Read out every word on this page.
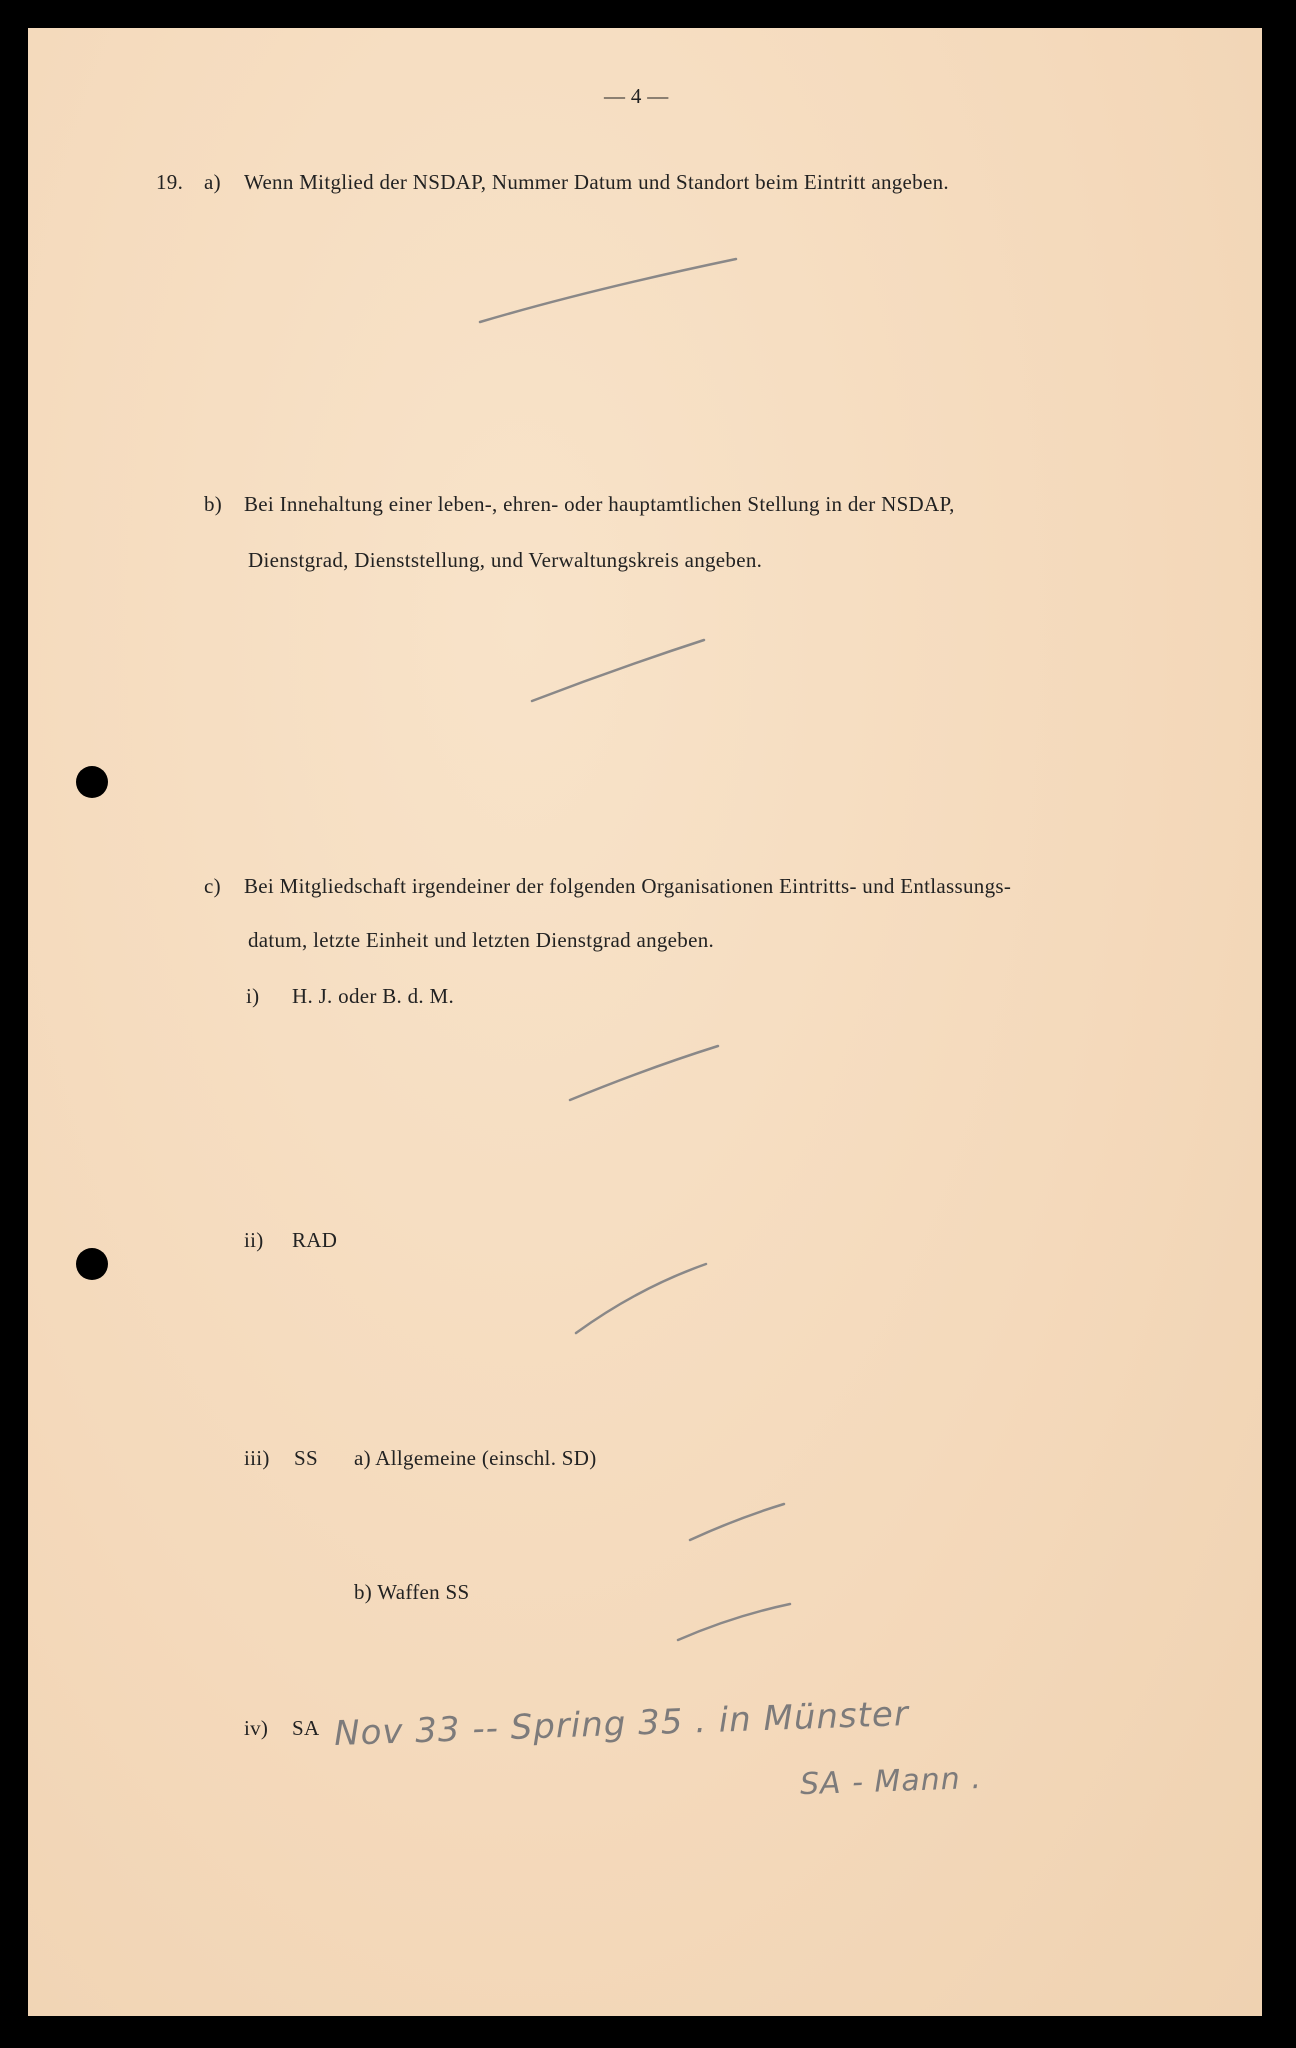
— 4 —
19. a) Wenn Mitglied der NSDAP, Nummer Datum und Standort beim Eintritt angeben.
b) Bei Innehaltung einer leben-, ehren- oder hauptamtlichen Stellung in der NSDAP,
Dienstgrad, Dienststellung, und Verwaltungskreis angeben.
c) Bei Mitgliedschaft irgendeiner der folgenden Organisationen Eintritts- und Entlassungs-
datum, letzte Einheit und letzten Dienstgrad angeben.
i) H. J. oder B. d. M.
ii) RAD
iii) SS a) Allgemeine (einschl. SD)
b) Waffen SS
iv) SA Nov 33 -- Spring 35 . in Münster
SA - Mann .
